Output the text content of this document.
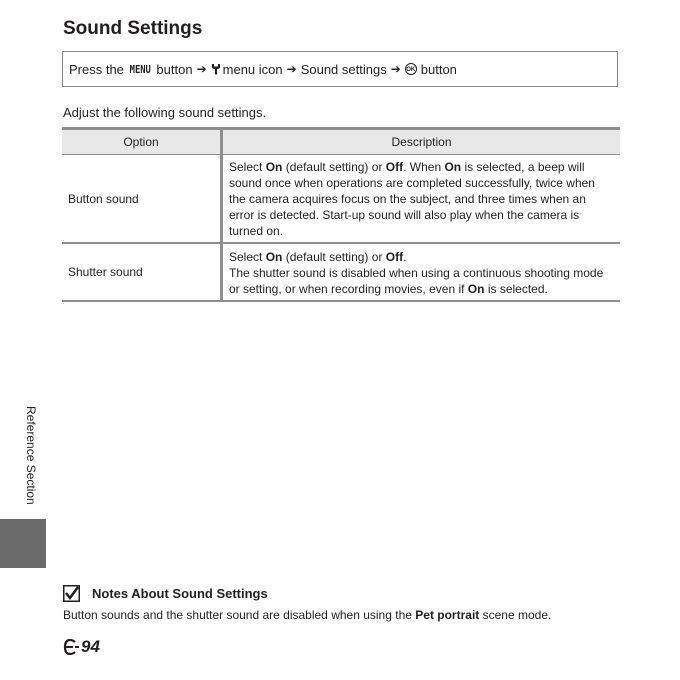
Sound Settings
Press the MENU button ➔ menu icon ➔ Sound settings ➔ OK button
Adjust the following sound settings.
Option	Description
Button sound	Select On (default setting) or Off. When On is selected, a beep will sound once when operations are completed successfully, twice when the camera acquires focus on the subject, and three times when an error is detected. Start-up sound will also play when the camera is turned on.
Shutter sound	Select On (default setting) or Off.
The shutter sound is disabled when using a continuous shooting mode or setting, or when recording movies, even if On is selected.
Reference Section
Notes About Sound Settings
Button sounds and the shutter sound are disabled when using the Pet portrait scene mode.
94
